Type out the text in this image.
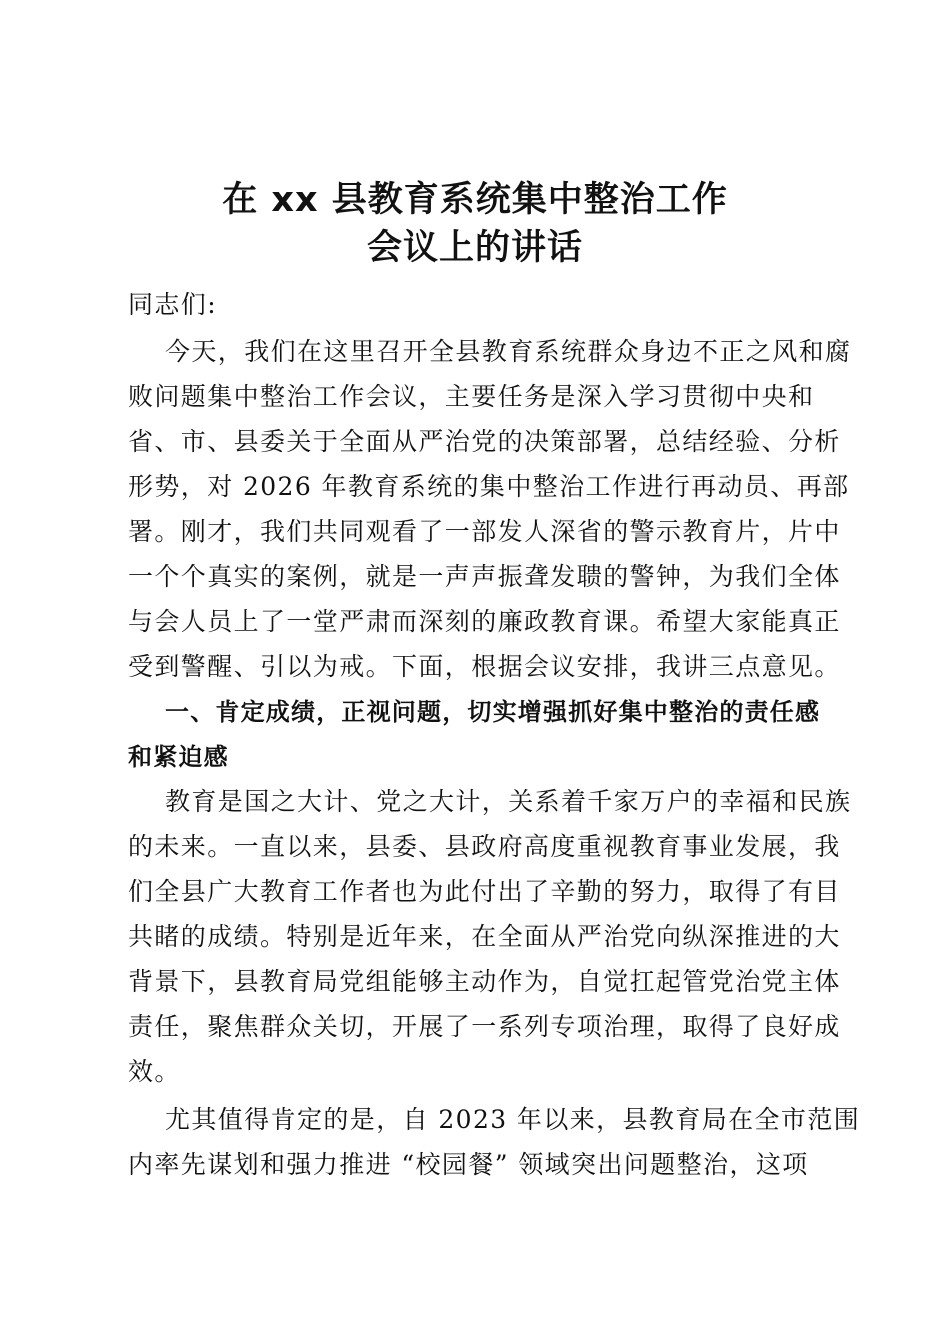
在 xx 县教育系统集中整治工作
会议上的讲话
同志们:
今天，我们在这里召开全县教育系统群众身边不正之风和腐
败问题集中整治工作会议，主要任务是深入学习贯彻中央和
省、市、县委关于全面从严治党的决策部署，总结经验、分析
形势，对 2026 年教育系统的集中整治工作进行再动员、再部
署。刚才，我们共同观看了一部发人深省的警示教育片，片中
一个个真实的案例，就是一声声振聋发聩的警钟，为我们全体
与会人员上了一堂严肃而深刻的廉政教育课。希望大家能真正
受到警醒、引以为戒。下面，根据会议安排，我讲三点意见。
一、肯定成绩，正视问题，切实增强抓好集中整治的责任感
和紧迫感
教育是国之大计、党之大计，关系着千家万户的幸福和民族
的未来。一直以来，县委、县政府高度重视教育事业发展，我
们全县广大教育工作者也为此付出了辛勤的努力，取得了有目
共睹的成绩。特别是近年来，在全面从严治党向纵深推进的大
背景下，县教育局党组能够主动作为，自觉扛起管党治党主体
责任，聚焦群众关切，开展了一系列专项治理，取得了良好成
效。
尤其值得肯定的是，自 2023 年以来，县教育局在全市范围
内率先谋划和强力推进 “校园餐” 领域突出问题整治，这项
